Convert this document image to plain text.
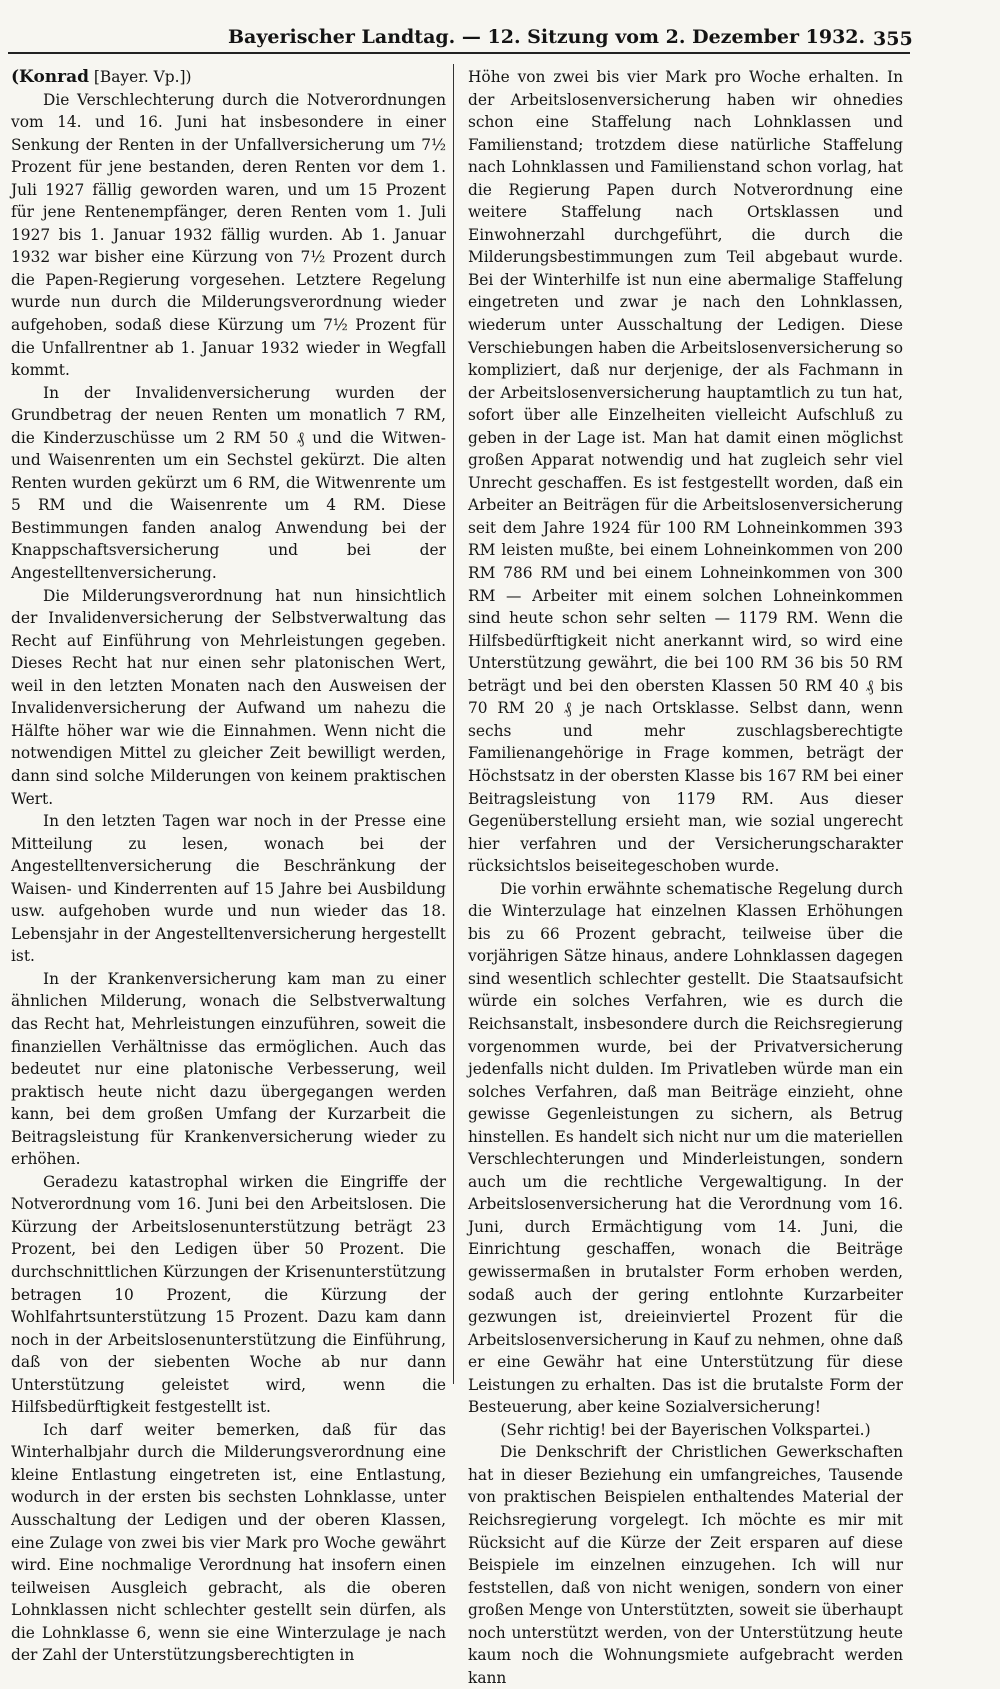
Bayerischer Landtag. — 12. Sitzung vom 2. Dezember 1932. 355

(Konrad [Bayer. Vp.])

Die Verschlechterung durch die Notverordnungen vom 14. und 16. Juni hat insbesondere in einer Senkung der Renten in der Unfallversicherung um 7½ Prozent für jene bestanden, deren Renten vor dem 1. Juli 1927 fällig geworden waren, und um 15 Prozent für jene Rentenempfänger, deren Renten vom 1. Juli 1927 bis 1. Januar 1932 fällig wurden. Ab 1. Januar 1932 war bisher eine Kürzung von 7½ Prozent durch die Papen-Regierung vorgesehen. Letztere Regelung wurde nun durch die Milderungsverordnung wieder aufgehoben, sodaß diese Kürzung um 7½ Prozent für die Unfallrentner ab 1. Januar 1932 wieder in Wegfall kommt.

In der Invalidenversicherung wurden der Grundbetrag der neuen Renten um monatlich 7 RM, die Kinderzuschüsse um 2 RM 50 ₰ und die Witwen- und Waisenrenten um ein Sechstel gekürzt. Die alten Renten wurden gekürzt um 6 RM, die Witwenrente um 5 RM und die Waisenrente um 4 RM. Diese Bestimmungen fanden analog Anwendung bei der Knappschaftsversicherung und bei der Angestelltenversicherung.

Die Milderungsverordnung hat nun hinsichtlich der Invalidenversicherung der Selbstverwaltung das Recht auf Einführung von Mehrleistungen gegeben. Dieses Recht hat nur einen sehr platonischen Wert, weil in den letzten Monaten nach den Ausweisen der Invalidenversicherung der Aufwand um nahezu die Hälfte höher war wie die Einnahmen. Wenn nicht die notwendigen Mittel zu gleicher Zeit bewilligt werden, dann sind solche Milderungen von keinem praktischen Wert.

In den letzten Tagen war noch in der Presse eine Mitteilung zu lesen, wonach bei der Angestelltenversicherung die Beschränkung der Waisen- und Kinderrenten auf 15 Jahre bei Ausbildung usw. aufgehoben wurde und nun wieder das 18. Lebensjahr in der Angestelltenversicherung hergestellt ist.

In der Krankenversicherung kam man zu einer ähnlichen Milderung, wonach die Selbstverwaltung das Recht hat, Mehrleistungen einzuführen, soweit die finanziellen Verhältnisse das ermöglichen. Auch das bedeutet nur eine platonische Verbesserung, weil praktisch heute nicht dazu übergegangen werden kann, bei dem großen Umfang der Kurzarbeit die Beitragsleistung für Krankenversicherung wieder zu erhöhen.

Geradezu katastrophal wirken die Eingriffe der Notverordnung vom 16. Juni bei den Arbeitslosen. Die Kürzung der Arbeitslosenunterstützung beträgt 23 Prozent, bei den Ledigen über 50 Prozent. Die durchschnittlichen Kürzungen der Krisenunterstützung betragen 10 Prozent, die Kürzung der Wohlfahrtsunterstützung 15 Prozent. Dazu kam dann noch in der Arbeitslosenunterstützung die Einführung, daß von der siebenten Woche ab nur dann Unterstützung geleistet wird, wenn die Hilfsbedürftigkeit festgestellt ist.

Ich darf weiter bemerken, daß für das Winterhalbjahr durch die Milderungsverordnung eine kleine Entlastung eingetreten ist, eine Entlastung, wodurch in der ersten bis sechsten Lohnklasse, unter Ausschaltung der Ledigen und der oberen Klassen, eine Zulage von zwei bis vier Mark pro Woche gewährt wird. Eine nochmalige Verordnung hat insofern einen teilweisen Ausgleich gebracht, als die oberen Lohnklassen nicht schlechter gestellt sein dürfen, als die Lohnklasse 6, wenn sie eine Winterzulage je nach der Zahl der Unterstützungsberechtigten in

Höhe von zwei bis vier Mark pro Woche erhalten. In der Arbeitslosenversicherung haben wir ohnedies schon eine Staffelung nach Lohnklassen und Familienstand; trotzdem diese natürliche Staffelung nach Lohnklassen und Familienstand schon vorlag, hat die Regierung Papen durch Notverordnung eine weitere Staffelung nach Ortsklassen und Einwohnerzahl durchgeführt, die durch die Milderungsbestimmungen zum Teil abgebaut wurde. Bei der Winterhilfe ist nun eine abermalige Staffelung eingetreten und zwar je nach den Lohnklassen, wiederum unter Ausschaltung der Ledigen. Diese Verschiebungen haben die Arbeitslosenversicherung so kompliziert, daß nur derjenige, der als Fachmann in der Arbeitslosenversicherung hauptamtlich zu tun hat, sofort über alle Einzelheiten vielleicht Aufschluß zu geben in der Lage ist. Man hat damit einen möglichst großen Apparat notwendig und hat zugleich sehr viel Unrecht geschaffen. Es ist festgestellt worden, daß ein Arbeiter an Beiträgen für die Arbeitslosenversicherung seit dem Jahre 1924 für 100 RM Lohneinkommen 393 RM leisten mußte, bei einem Lohneinkommen von 200 RM 786 RM und bei einem Lohneinkommen von 300 RM — Arbeiter mit einem solchen Lohneinkommen sind heute schon sehr selten — 1179 RM. Wenn die Hilfsbedürftigkeit nicht anerkannt wird, so wird eine Unterstützung gewährt, die bei 100 RM 36 bis 50 RM beträgt und bei den obersten Klassen 50 RM 40 ₰ bis 70 RM 20 ₰ je nach Ortsklasse. Selbst dann, wenn sechs und mehr zuschlagsberechtigte Familienangehörige in Frage kommen, beträgt der Höchstsatz in der obersten Klasse bis 167 RM bei einer Beitragsleistung von 1179 RM. Aus dieser Gegenüberstellung ersieht man, wie sozial ungerecht hier verfahren und der Versicherungscharakter rücksichtslos beiseitegeschoben wurde.

Die vorhin erwähnte schematische Regelung durch die Winterzulage hat einzelnen Klassen Erhöhungen bis zu 66 Prozent gebracht, teilweise über die vorjährigen Sätze hinaus, andere Lohnklassen dagegen sind wesentlich schlechter gestellt. Die Staatsaufsicht würde ein solches Verfahren, wie es durch die Reichsanstalt, insbesondere durch die Reichsregierung vorgenommen wurde, bei der Privatversicherung jedenfalls nicht dulden. Im Privatleben würde man ein solches Verfahren, daß man Beiträge einzieht, ohne gewisse Gegenleistungen zu sichern, als Betrug hinstellen. Es handelt sich nicht nur um die materiellen Verschlechterungen und Minderleistungen, sondern auch um die rechtliche Vergewaltigung. In der Arbeitslosenversicherung hat die Verordnung vom 16. Juni, durch Ermächtigung vom 14. Juni, die Einrichtung geschaffen, wonach die Beiträge gewissermaßen in brutalster Form erhoben werden, sodaß auch der gering entlohnte Kurzarbeiter gezwungen ist, dreieinviertel Prozent für die Arbeitslosenversicherung in Kauf zu nehmen, ohne daß er eine Gewähr hat eine Unterstützung für diese Leistungen zu erhalten. Das ist die brutalste Form der Besteuerung, aber keine Sozialversicherung!

(Sehr richtig! bei der Bayerischen Volkspartei.)

Die Denkschrift der Christlichen Gewerkschaften hat in dieser Beziehung ein umfangreiches, Tausende von praktischen Beispielen enthaltendes Material der Reichsregierung vorgelegt. Ich möchte es mir mit Rücksicht auf die Kürze der Zeit ersparen auf diese Beispiele im einzelnen einzugehen. Ich will nur feststellen, daß von nicht wenigen, sondern von einer großen Menge von Unterstützten, soweit sie überhaupt noch unterstützt werden, von der Unterstützung heute kaum noch die Wohnungsmiete aufgebracht werden kann
